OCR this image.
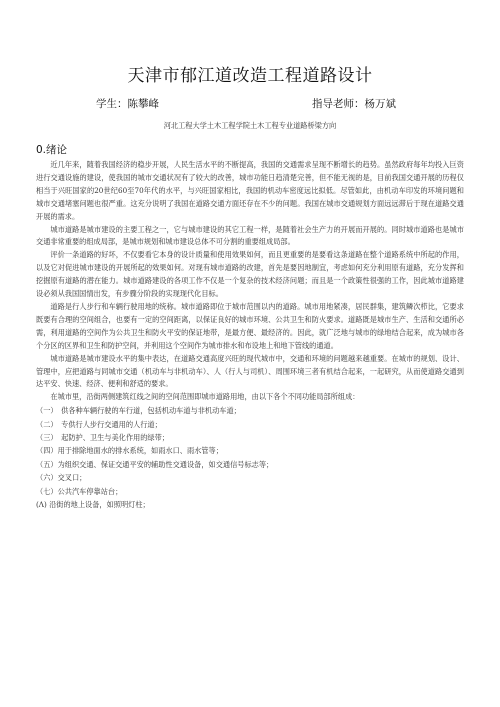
天津市郁江道改造工程道路设计
学生：陈攀峰	指导老师：杨万斌
河北工程大学土木工程学院土木工程专业道路桥梁方向
0.绪论

近几年来，随着我国经济的稳步开展，人民生活水平的不断提高，我国的交通需求呈现不断增长的趋势。虽然政府每年均投入巨资进行交通设施的建设，使我国的城市交通状况有了较大的改善，城市功能日趋清楚完善，但不能无视的是，目前我国交通开展的历程仅相当于兴旺国家的20世纪60至70年代的水平，与兴旺国家相比，我国的机动车密度远比拟低。尽管如此，由机动车印发的环境问题和城市交通堵塞问题也很严重。这充分说明了我国在道路交通方面还存在不少的问题。我国在城市交通规划方面远远滞后于现在道路交通开展的需求。

城市道路是城市建设的主要工程之一，它与城市建设的其它工程一样，是随着社会生产力的开展而开展的。同时城市道路也是城市交通非常重要的组成局部，是城市规划和城市建设总体不可分割的重要组成局部。

评价一条道路的好坏，不仅要看它本身的设计质量和使用效果如何，而且更重要的是要看这条道路在整个道路系统中所起的作用，以及它对促进城市建设的开展所起的效果如何。对现有城市道路的改建，首先是要因地制宜，考虑如何充分利用原有道路，充分发挥和挖掘原有道路的潜在能力。城市道路建设的各项工作不仅是一个复杂的技术经济问题；而且是一个政策性很强的工作，因此城市道路建设必须从我国国情出发，有步骤分阶段的实现现代化目标。

道路是行人步行和车辆行驶用地的统称。城市道路即位于城市范围以内的道路。城市用地紧凑，居民群集，建筑鳞次栉比，它要求既要有合理的空间组合，也要有一定的空间距离，以保证良好的城市环境、公共卫生和防火要求。道路既是城市生产、生活和交通所必需，利用道路的空间作为公共卫生和防火平安的保证地带，是最方便、最经济的。因此，就广泛地与城市的绿地结合起来，成为城市各个分区的区界和卫生和防护空间，并利用这个空间作为城市排水和布设地上和地下管线的通道。

城市道路是城市建设水平的集中表达，在道路交通高度兴旺的现代城市中，交通和环境的问题越来越重要。在城市的规划、设计、管理中，应把道路与同城市交通（机动车与非机动车）、人（行人与司机）、周围环境三者有机结合起来，一起研究，从而使道路交通到达平安、快速、经济、便利和舒适的要求。

在城市里，沿街两侧建筑红线之间的空间范围即城市道路用地，由以下各个不同功能局部所组成：

（一）　供各种车辆行驶的车行道，包括机动车道与非机动车道；

（二）　专供行人步行交通用的人行道；

（三）　起防护、卫生与美化作用的绿带；

（四）用于排除地面水的排水系统，如雨水口、雨水管等；

（五）为组织交通、保证交通平安的辅助性交通设备，如交通信号标志等；

（六）交叉口；

（七）公共汽车停靠站台；

(Λ) 沿街的地上设备，如照明灯柱；
